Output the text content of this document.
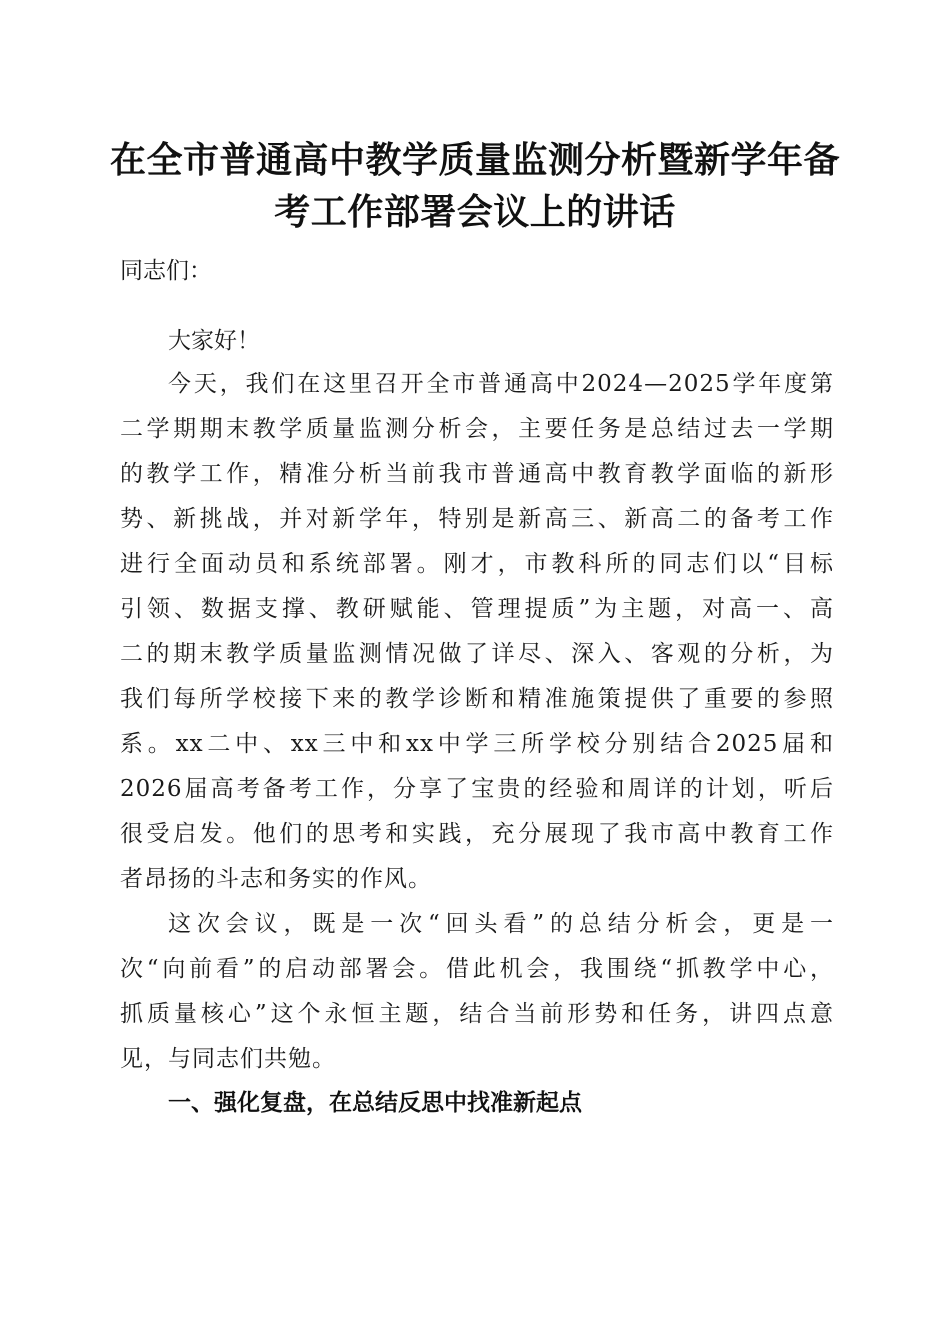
在全市普通高中教学质量监测分析暨新学年备
考工作部署会议上的讲话
同志们：
大家好！
今天，我们在这里召开全市普通高中2024—2025学年度第
二学期期末教学质量监测分析会，主要任务是总结过去一学期
的教学工作，精准分析当前我市普通高中教育教学面临的新形
势、新挑战，并对新学年，特别是新高三、新高二的备考工作
进行全面动员和系统部署。刚才，市教科所的同志们以“目标
引领、数据支撑、教研赋能、管理提质”为主题，对高一、高
二的期末教学质量监测情况做了详尽、深入、客观的分析，为
我们每所学校接下来的教学诊断和精准施策提供了重要的参照
系。xx二中、xx三中和xx中学三所学校分别结合2025届和
2026届高考备考工作，分享了宝贵的经验和周详的计划，听后
很受启发。他们的思考和实践，充分展现了我市高中教育工作
者昂扬的斗志和务实的作风。
这次会议，既是一次“回头看”的总结分析会，更是一
次“向前看”的启动部署会。借此机会，我围绕“抓教学中心，
抓质量核心”这个永恒主题，结合当前形势和任务，讲四点意
见，与同志们共勉。
一、强化复盘，在总结反思中找准新起点
